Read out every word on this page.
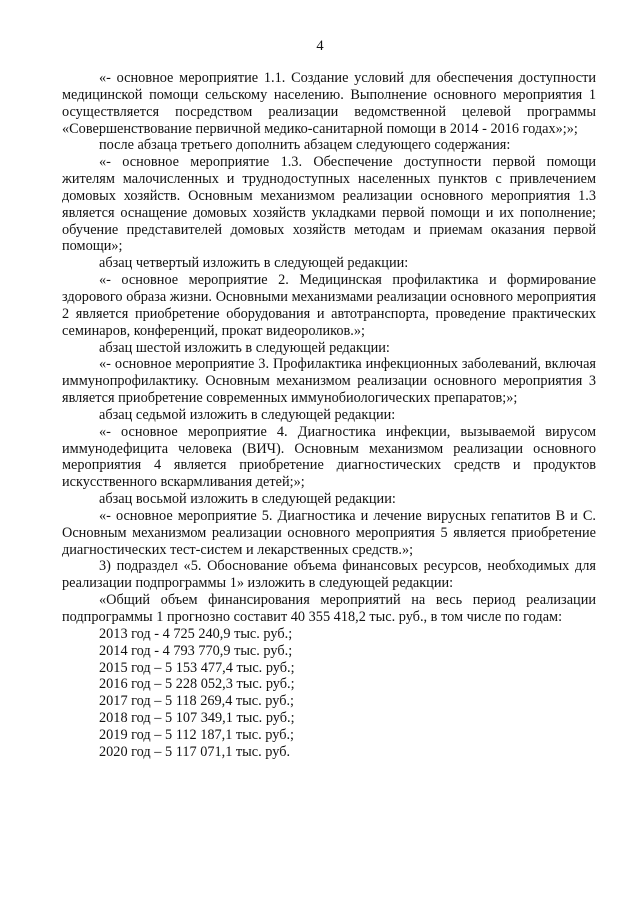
4

«- основное мероприятие 1.1. Создание условий для обеспечения доступности медицинской помощи сельскому населению. Выполнение основного мероприятия 1 осуществляется посредством реализации ведомственной целевой программы «Совершенствование первичной медико-санитарной помощи в 2014 - 2016 годах»;»;

после абзаца третьего дополнить абзацем следующего содержания:

«- основное мероприятие 1.3. Обеспечение доступности первой помощи жителям малочисленных и труднодоступных населенных пунктов с привлечением домовых хозяйств. Основным механизмом реализации основного мероприятия 1.3 является оснащение домовых хозяйств укладками первой помощи и их пополнение; обучение представителей домовых хозяйств методам и приемам оказания первой помощи»;

абзац четвертый изложить в следующей редакции:

«- основное мероприятие 2. Медицинская профилактика и формирование здорового образа жизни. Основными механизмами реализации основного мероприятия 2 является приобретение оборудования и автотранспорта, проведение практических семинаров, конференций, прокат видеороликов.»;

абзац шестой изложить в следующей редакции:

«- основное мероприятие 3. Профилактика инфекционных заболеваний, включая иммунопрофилактику. Основным механизмом реализации основного мероприятия 3 является приобретение современных иммунобиологических препаратов;»;

абзац седьмой изложить в следующей редакции:

«- основное мероприятие 4. Диагностика инфекции, вызываемой вирусом иммунодефицита человека (ВИЧ). Основным механизмом реализации основного мероприятия 4 является приобретение диагностических средств и продуктов искусственного вскармливания детей;»;

абзац восьмой изложить в следующей редакции:

«- основное мероприятие 5. Диагностика и лечение вирусных гепатитов В и С. Основным механизмом реализации основного мероприятия 5 является приобретение диагностических тест-систем и лекарственных средств.»;

3) подраздел «5. Обоснование объема финансовых ресурсов, необходимых для реализации подпрограммы 1» изложить в следующей редакции:

«Общий объем финансирования мероприятий на весь период реализации подпрограммы 1 прогнозно составит 40 355 418,2 тыс. руб., в том числе по годам:

2013 год - 4 725 240,9 тыс. руб.;

2014 год - 4 793 770,9 тыс. руб.;

2015 год – 5 153 477,4 тыс. руб.;

2016 год – 5 228 052,3 тыс. руб.;

2017 год – 5 118 269,4 тыс. руб.;

2018 год – 5 107 349,1 тыс. руб.;

2019 год – 5 112 187,1 тыс. руб.;

2020 год – 5 117 071,1 тыс. руб.
